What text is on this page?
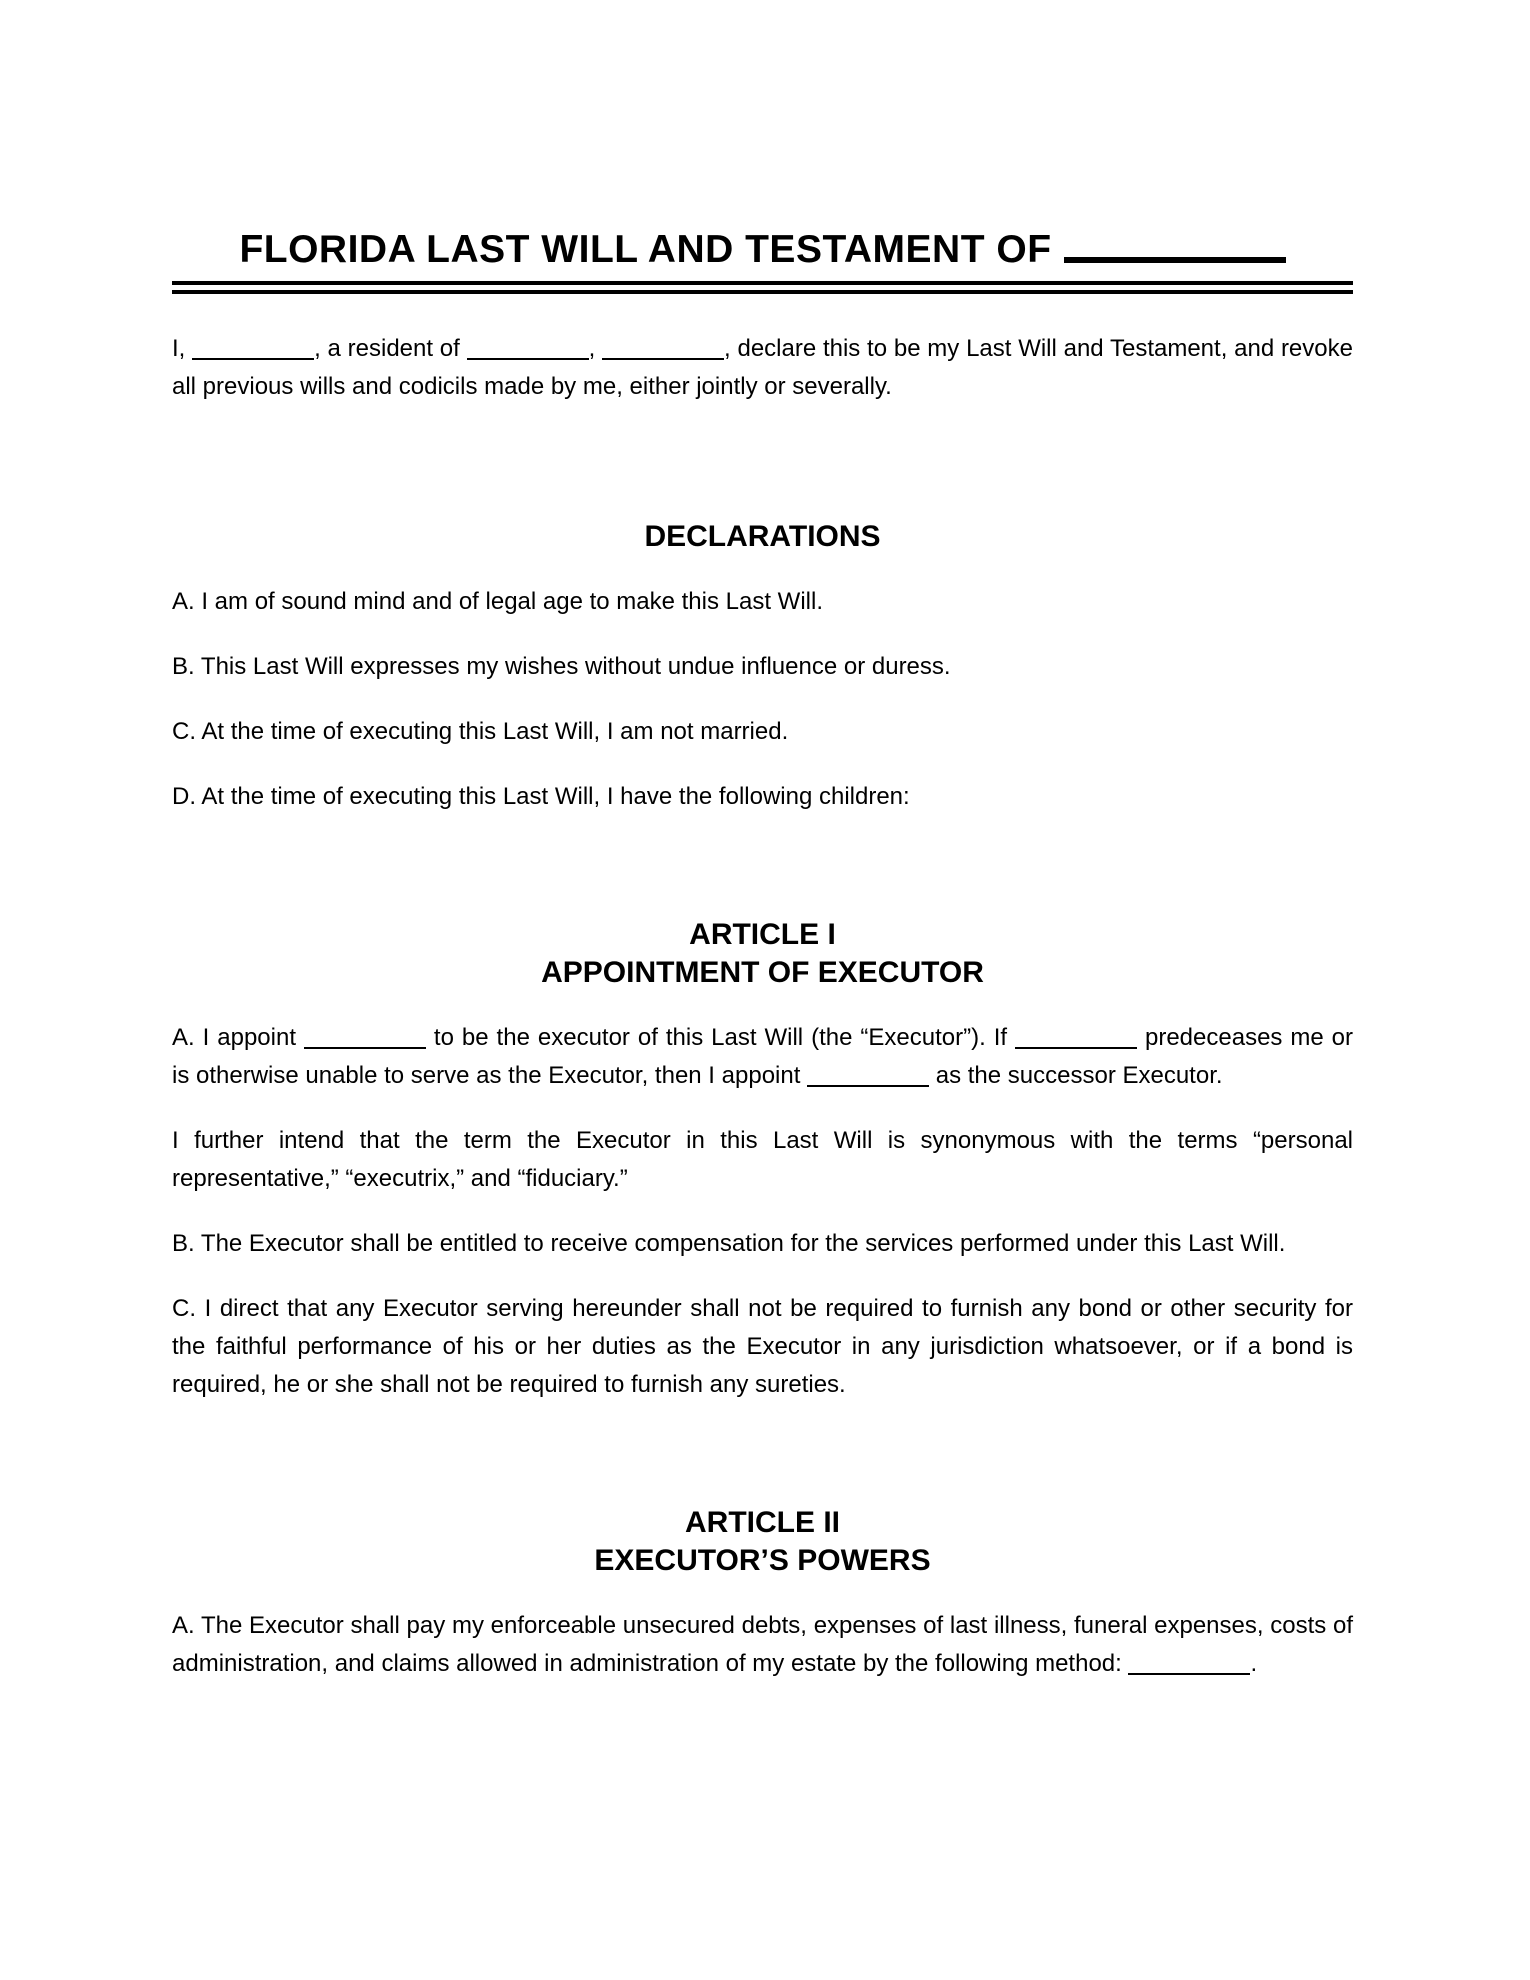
FLORIDA LAST WILL AND TESTAMENT OF

I,	, a resident of	,	, declare this to be my Last Will and Testament, and revoke all previous wills and codicils made by me, either jointly or severally.

DECLARATIONS

A. I am of sound mind and of legal age to make this Last Will.

B. This Last Will expresses my wishes without undue influence or duress.

C. At the time of executing this Last Will, I am not married.

D. At the time of executing this Last Will, I have the following children:

ARTICLE I
APPOINTMENT OF EXECUTOR

A. I appoint	to be the executor of this Last Will (the “Executor”). If	predeceases me or is otherwise unable to serve as the Executor, then I appoint	as the successor Executor.

I further intend that the term the Executor in this Last Will is synonymous with the terms “personal representative,” “executrix,” and “fiduciary.”

B. The Executor shall be entitled to receive compensation for the services performed under this Last Will.

C. I direct that any Executor serving hereunder shall not be required to furnish any bond or other security for the faithful performance of his or her duties as the Executor in any jurisdiction whatsoever, or if a bond is required, he or she shall not be required to furnish any sureties.

ARTICLE II
EXECUTOR’S POWERS

A. The Executor shall pay my enforceable unsecured debts, expenses of last illness, funeral expenses, costs of administration, and claims allowed in administration of my estate by the following method:	.
